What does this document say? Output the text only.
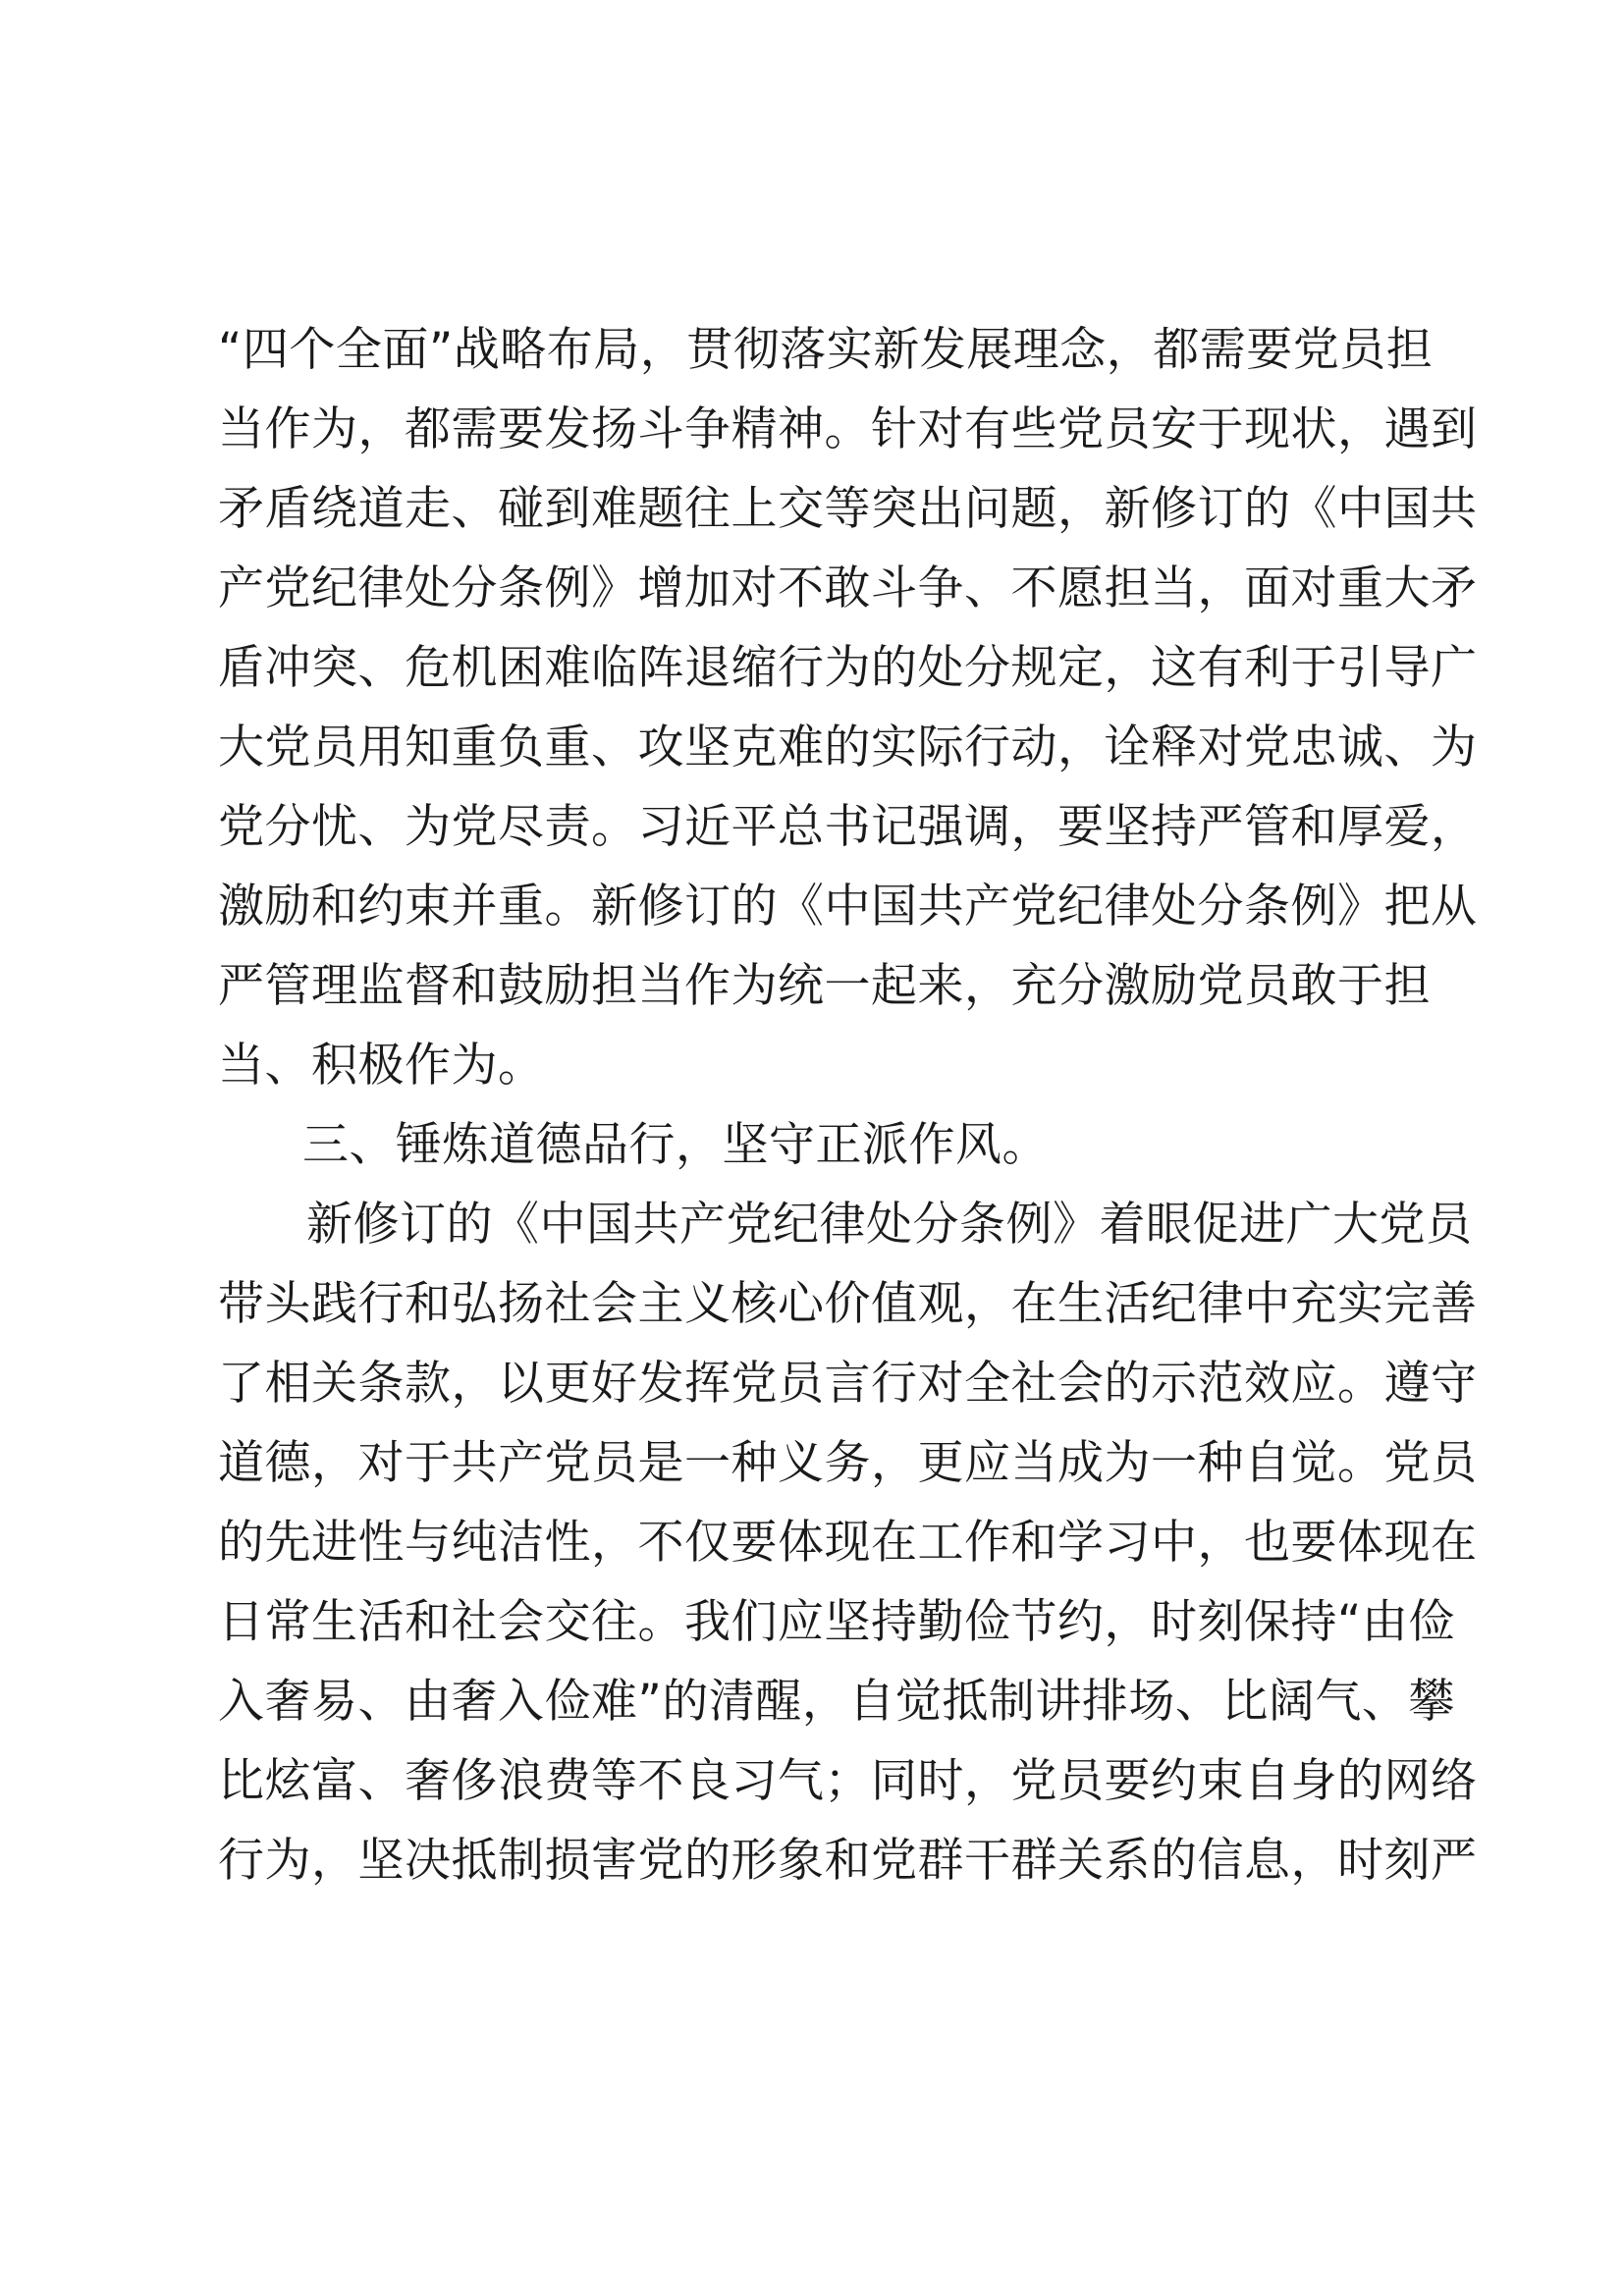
“四个全面”战略布局，贯彻落实新发展理念，都需要党员担
当作为，都需要发扬斗争精神。针对有些党员安于现状，遇到
矛盾绕道走、碰到难题往上交等突出问题，新修订的《中国共
产党纪律处分条例》增加对不敢斗争、不愿担当，面对重大矛
盾冲突、危机困难临阵退缩行为的处分规定，这有利于引导广
大党员用知重负重、攻坚克难的实际行动，诠释对党忠诚、为
党分忧、为党尽责。习近平总书记强调，要坚持严管和厚爱，
激励和约束并重。新修订的《中国共产党纪律处分条例》把从
严管理监督和鼓励担当作为统一起来，充分激励党员敢于担
当、积极作为。
三、锤炼道德品行，坚守正派作风。
新修订的《中国共产党纪律处分条例》着眼促进广大党员
带头践行和弘扬社会主义核心价值观，在生活纪律中充实完善
了相关条款，以更好发挥党员言行对全社会的示范效应。遵守
道德，对于共产党员是一种义务，更应当成为一种自觉。党员
的先进性与纯洁性，不仅要体现在工作和学习中，也要体现在
日常生活和社会交往。我们应坚持勤俭节约，时刻保持“由俭
入奢易、由奢入俭难”的清醒，自觉抵制讲排场、比阔气、攀
比炫富、奢侈浪费等不良习气；同时，党员要约束自身的网络
行为，坚决抵制损害党的形象和党群干群关系的信息，时刻严
